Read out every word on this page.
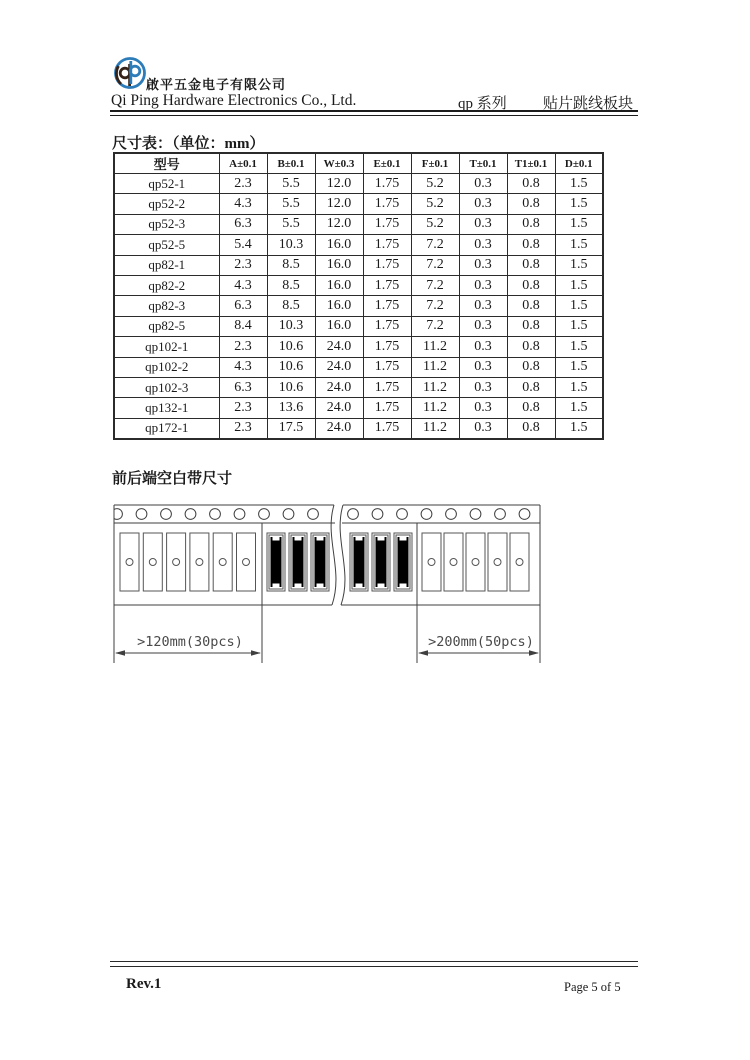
啟平五金电子有限公司
Qi Ping Hardware Electronics Co., Ltd.	qp 系列 贴片跳线板块
尺寸表：（单位：mm）
型号	A±0.1	B±0.1	W±0.3	E±0.1	F±0.1	T±0.1	T1±0.1	D±0.1
qp52-1	2.3	5.5	12.0	1.75	5.2	0.3	0.8	1.5
qp52-2	4.3	5.5	12.0	1.75	5.2	0.3	0.8	1.5
qp52-3	6.3	5.5	12.0	1.75	5.2	0.3	0.8	1.5
qp52-5	5.4	10.3	16.0	1.75	7.2	0.3	0.8	1.5
qp82-1	2.3	8.5	16.0	1.75	7.2	0.3	0.8	1.5
qp82-2	4.3	8.5	16.0	1.75	7.2	0.3	0.8	1.5
qp82-3	6.3	8.5	16.0	1.75	7.2	0.3	0.8	1.5
qp82-5	8.4	10.3	16.0	1.75	7.2	0.3	0.8	1.5
qp102-1	2.3	10.6	24.0	1.75	11.2	0.3	0.8	1.5
qp102-2	4.3	10.6	24.0	1.75	11.2	0.3	0.8	1.5
qp102-3	6.3	10.6	24.0	1.75	11.2	0.3	0.8	1.5
qp132-1	2.3	13.6	24.0	1.75	11.2	0.3	0.8	1.5
qp172-1	2.3	17.5	24.0	1.75	11.2	0.3	0.8	1.5
前后端空白带尺寸
>120mm(30pcs)	>200mm(50pcs)
Rev.1	Page 5 of 5
